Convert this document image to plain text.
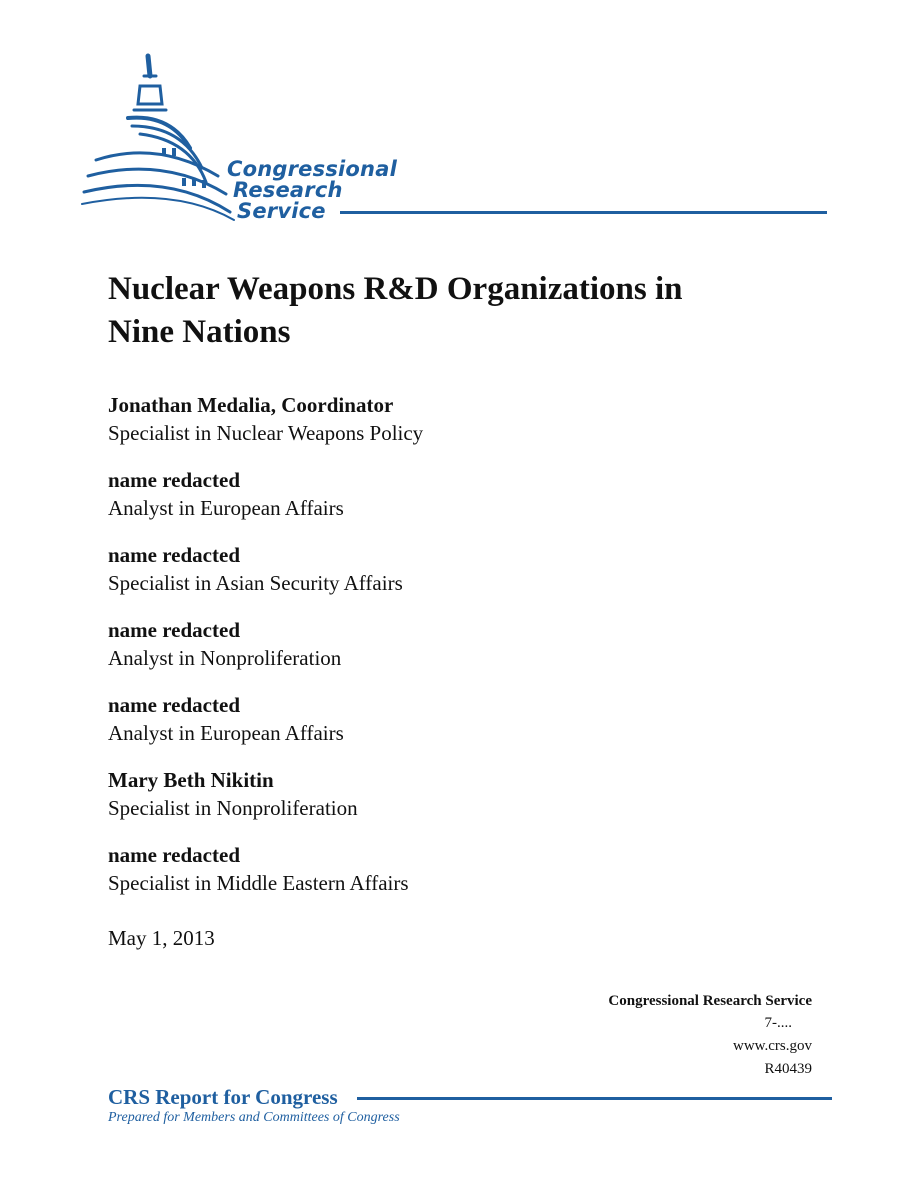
Congressional
Research
Service
Nuclear Weapons R&D Organizations in
Nine Nations
Jonathan Medalia, Coordinator
Specialist in Nuclear Weapons Policy
name redacted
Analyst in European Affairs
name redacted
Specialist in Asian Security Affairs
name redacted
Analyst in Nonproliferation
name redacted
Analyst in European Affairs
Mary Beth Nikitin
Specialist in Nonproliferation
name redacted
Specialist in Middle Eastern Affairs
May 1, 2013
Congressional Research Service
7-....
www.crs.gov
R40439
CRS Report for Congress
Prepared for Members and Committees of Congress
